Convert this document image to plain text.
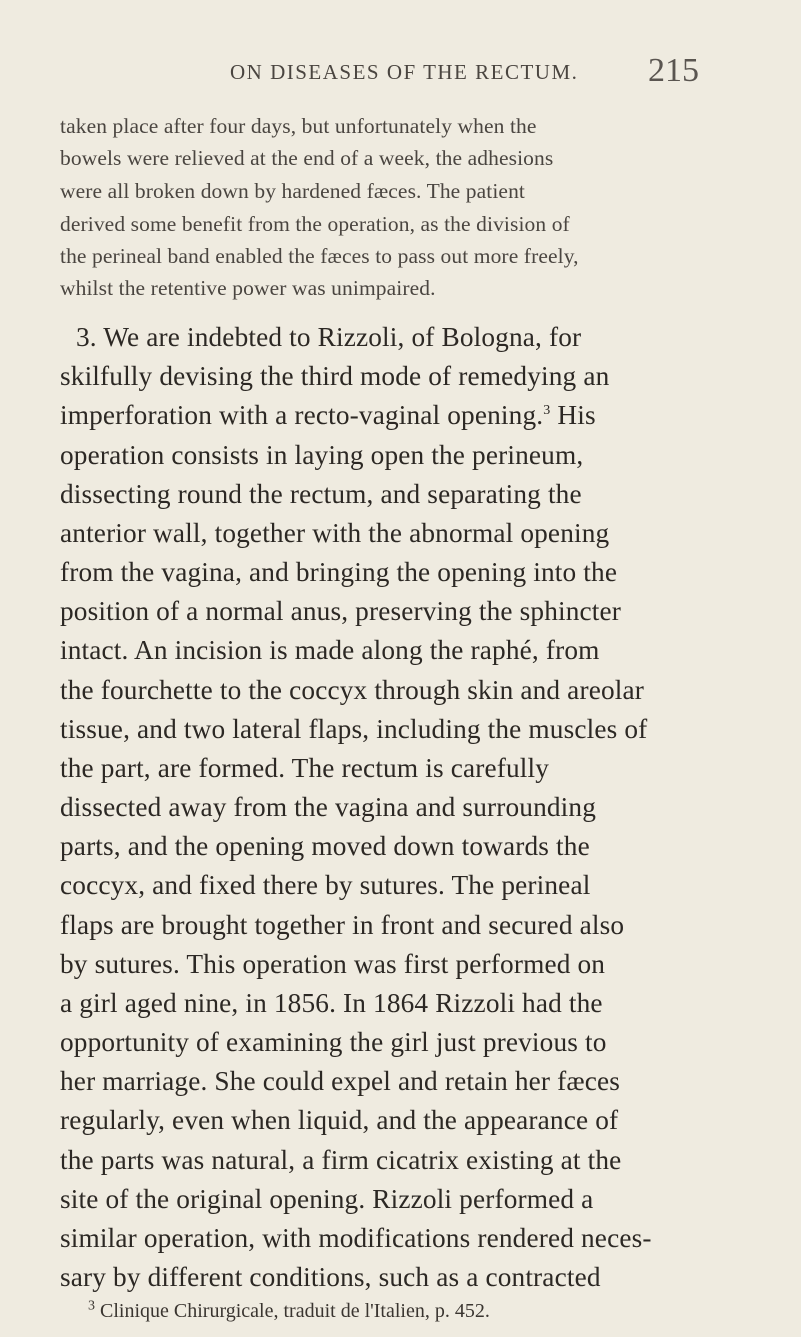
ON DISEASES OF THE RECTUM. 215
taken place after four days, but unfortunately when the
bowels were relieved at the end of a week, the adhesions
were all broken down by hardened fæces. The patient
derived some benefit from the operation, as the division of
the perineal band enabled the fæces to pass out more freely,
whilst the retentive power was unimpaired.
3. We are indebted to Rizzoli, of Bologna, for
skilfully devising the third mode of remedying an
imperforation with a recto-vaginal opening.$^3$ His
operation consists in laying open the perineum,
dissecting round the rectum, and separating the
anterior wall, together with the abnormal opening
from the vagina, and bringing the opening into the
position of a normal anus, preserving the sphincter
intact. An incision is made along the raphé, from
the fourchette to the coccyx through skin and areolar
tissue, and two lateral flaps, including the muscles of
the part, are formed. The rectum is carefully
dissected away from the vagina and surrounding
parts, and the opening moved down towards the
coccyx, and fixed there by sutures. The perineal
flaps are brought together in front and secured also
by sutures. This operation was first performed on
a girl aged nine, in 1856. In 1864 Rizzoli had the
opportunity of examining the girl just previous to
her marriage. She could expel and retain her fæces
regularly, even when liquid, and the appearance of
the parts was natural, a firm cicatrix existing at the
site of the original opening. Rizzoli performed a
similar operation, with modifications rendered neces-
sary by different conditions, such as a contracted
$^3$ Clinique Chirurgicale, traduit de l'Italien, p. 452.
